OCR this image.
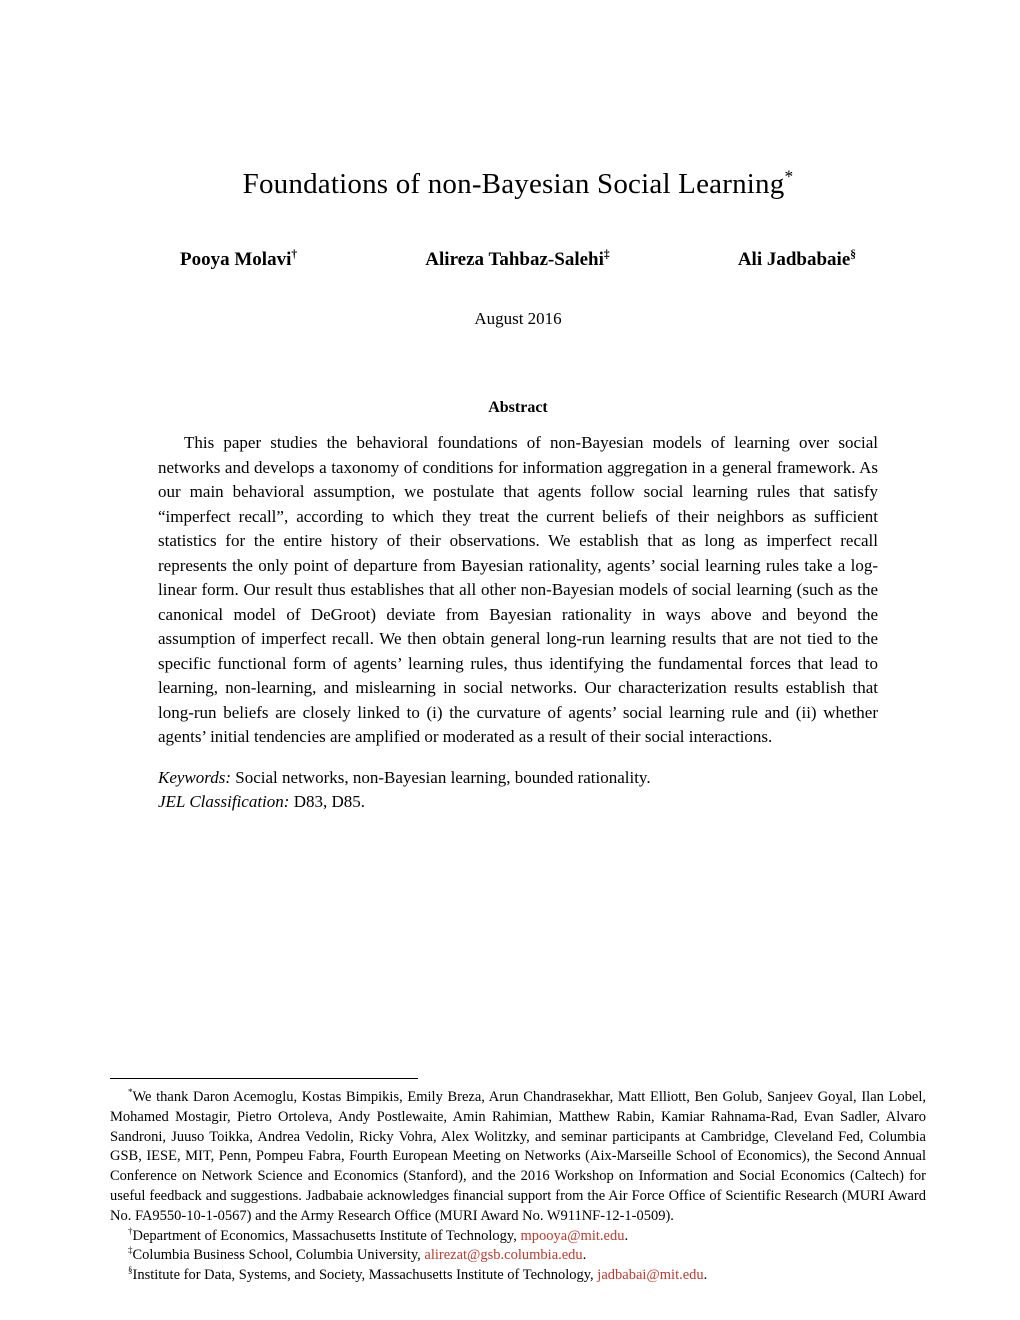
Foundations of non-Bayesian Social Learning*
Pooya Molavi†	Alireza Tahbaz-Salehi‡	Ali Jadbabaie§
August 2016
Abstract

This paper studies the behavioral foundations of non-Bayesian models of learning over social networks and develops a taxonomy of conditions for information aggregation in a general framework. As our main behavioral assumption, we postulate that agents follow social learning rules that satisfy “imperfect recall”, according to which they treat the current beliefs of their neighbors as sufficient statistics for the entire history of their observations. We establish that as long as imperfect recall represents the only point of departure from Bayesian rationality, agents’ social learning rules take a log-linear form. Our result thus establishes that all other non-Bayesian models of social learning (such as the canonical model of DeGroot) deviate from Bayesian rationality in ways above and beyond the assumption of imperfect recall. We then obtain general long-run learning results that are not tied to the specific functional form of agents’ learning rules, thus identifying the fundamental forces that lead to learning, non-learning, and mislearning in social networks. Our characterization results establish that long-run beliefs are closely linked to (i) the curvature of agents’ social learning rule and (ii) whether agents’ initial tendencies are amplified or moderated as a result of their social interactions.

Keywords: Social networks, non-Bayesian learning, bounded rationality.

JEL Classification: D83, D85.

*We thank Daron Acemoglu, Kostas Bimpikis, Emily Breza, Arun Chandrasekhar, Matt Elliott, Ben Golub, Sanjeev Goyal, Ilan Lobel, Mohamed Mostagir, Pietro Ortoleva, Andy Postlewaite, Amin Rahimian, Matthew Rabin, Kamiar Rahnama-Rad, Evan Sadler, Alvaro Sandroni, Juuso Toikka, Andrea Vedolin, Ricky Vohra, Alex Wolitzky, and seminar participants at Cambridge, Cleveland Fed, Columbia GSB, IESE, MIT, Penn, Pompeu Fabra, Fourth European Meeting on Networks (Aix-Marseille School of Economics), the Second Annual Conference on Network Science and Economics (Stanford), and the 2016 Workshop on Information and Social Economics (Caltech) for useful feedback and suggestions. Jadbabaie acknowledges financial support from the Air Force Office of Scientific Research (MURI Award No. FA9550-10-1-0567) and the Army Research Office (MURI Award No. W911NF-12-1-0509).

†Department of Economics, Massachusetts Institute of Technology, mpooya@mit.edu.

‡Columbia Business School, Columbia University, alirezat@gsb.columbia.edu.

§Institute for Data, Systems, and Society, Massachusetts Institute of Technology, jadbabai@mit.edu.
